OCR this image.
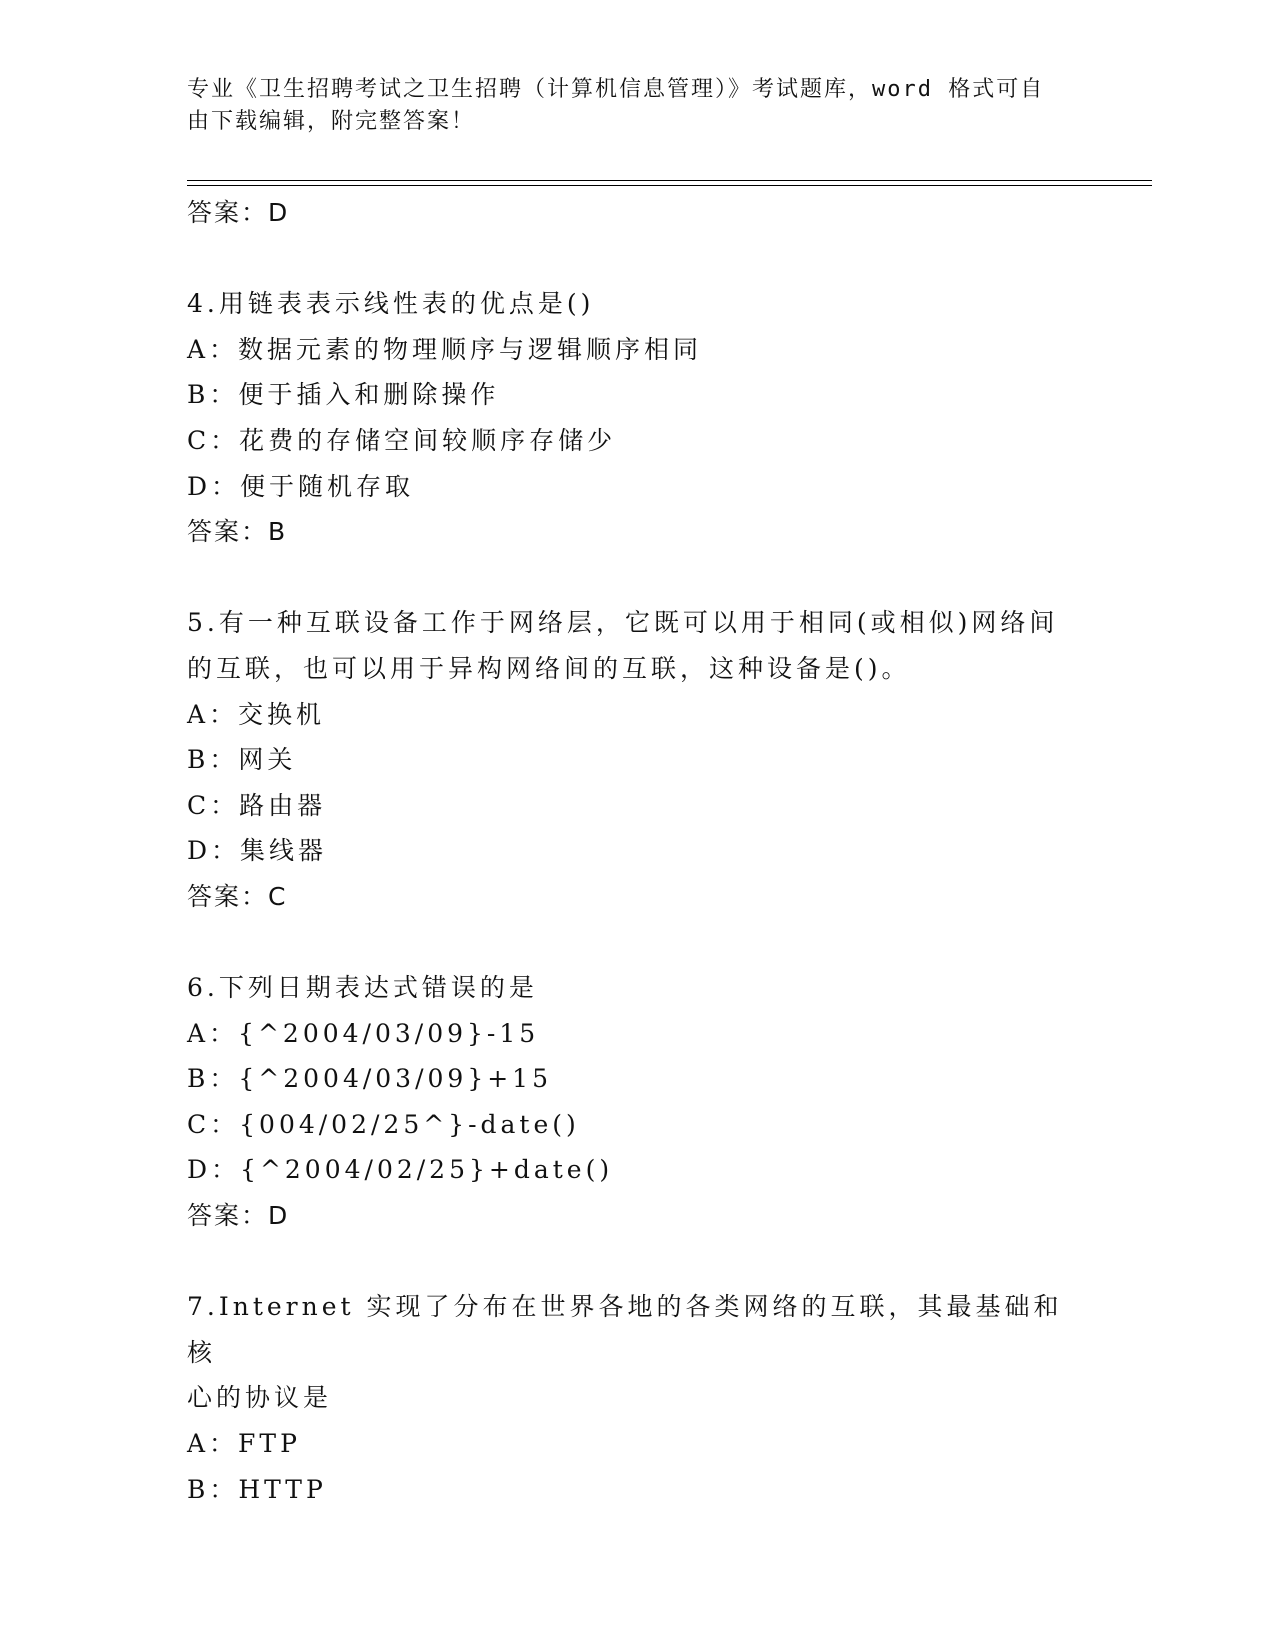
专业《卫生招聘考试之卫生招聘（计算机信息管理）》考试题库，word 格式可自
由下载编辑，附完整答案！
答案：D
4.用链表表示线性表的优点是()
A：数据元素的物理顺序与逻辑顺序相同
B：便于插入和删除操作
C：花费的存储空间较顺序存储少
D：便于随机存取
答案：B
5.有一种互联设备工作于网络层，它既可以用于相同(或相似)网络间
的互联，也可以用于异构网络间的互联，这种设备是()。
A：交换机
B：网关
C：路由器
D：集线器
答案：C
6.下列日期表达式错误的是
A：{^2004/03/09}-15
B：{^2004/03/09}+15
C：{004/02/25^}-date()
D：{^2004/02/25}+date()
答案：D
7.Internet 实现了分布在世界各地的各类网络的互联，其最基础和核
心的协议是
A：FTP
B：HTTP
